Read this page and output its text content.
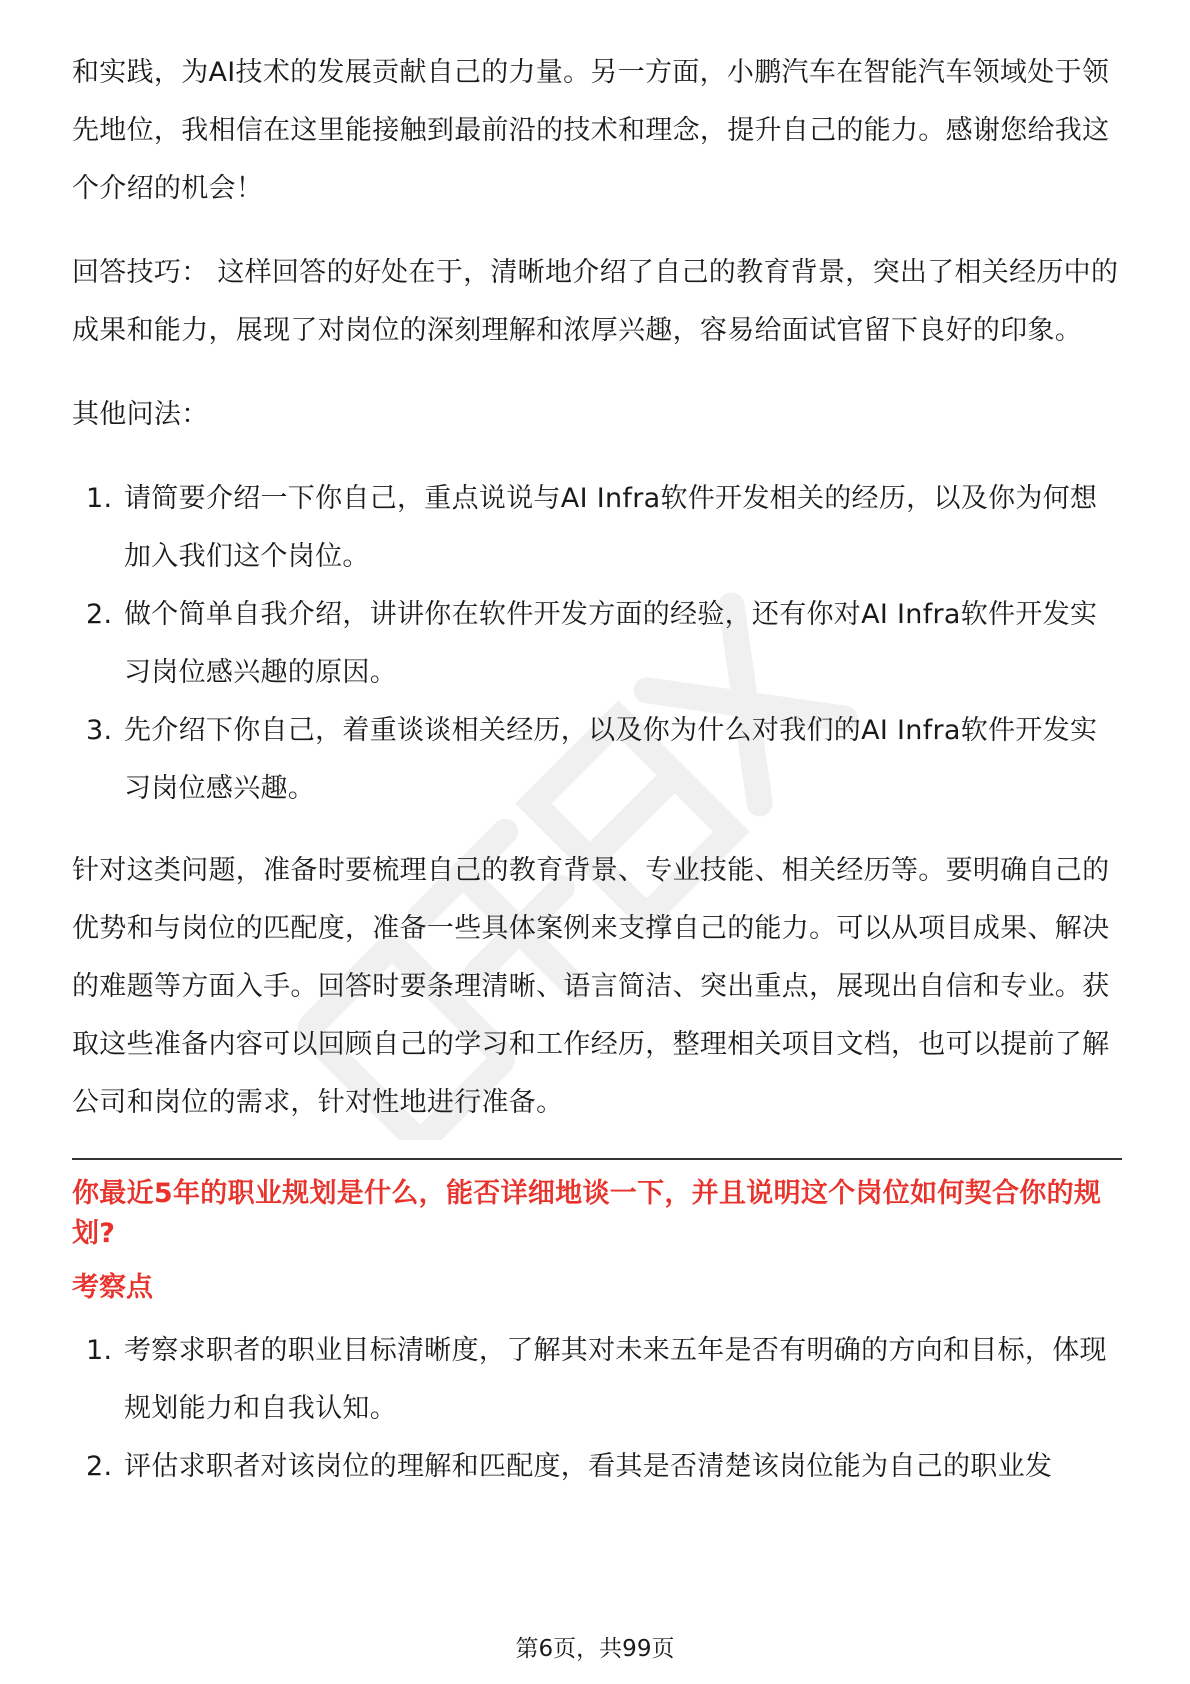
和实践，为AI技术的发展贡献自己的力量。另一方面，小鹏汽车在智能汽车领域处于领先地位，我相信在这里能接触到最前沿的技术和理念，提升自己的能力。感谢您给我这个介绍的机会！

回答技巧： 这样回答的好处在于，清晰地介绍了自己的教育背景，突出了相关经历中的成果和能力，展现了对岗位的深刻理解和浓厚兴趣，容易给面试官留下良好的印象。

其他问法：

1. 请简要介绍一下你自己，重点说说与AI Infra软件开发相关的经历，以及你为何想加入我们这个岗位。
2. 做个简单自我介绍，讲讲你在软件开发方面的经验，还有你对AI Infra软件开发实习岗位感兴趣的原因。
3. 先介绍下你自己，着重谈谈相关经历，以及你为什么对我们的AI Infra软件开发实习岗位感兴趣。

针对这类问题，准备时要梳理自己的教育背景、专业技能、相关经历等。要明确自己的优势和与岗位的匹配度，准备一些具体案例来支撑自己的能力。可以从项目成果、解决的难题等方面入手。回答时要条理清晰、语言简洁、突出重点，展现出自信和专业。获取这些准备内容可以回顾自己的学习和工作经历，整理相关项目文档，也可以提前了解公司和岗位的需求，针对性地进行准备。

你最近5年的职业规划是什么，能否详细地谈一下，并且说明这个岗位如何契合你的规划?
考察点
1. 考察求职者的职业目标清晰度，了解其对未来五年是否有明确的方向和目标，体现规划能力和自我认知。
2. 评估求职者对该岗位的理解和匹配度，看其是否清楚该岗位能为自己的职业发
第6页，共99页
